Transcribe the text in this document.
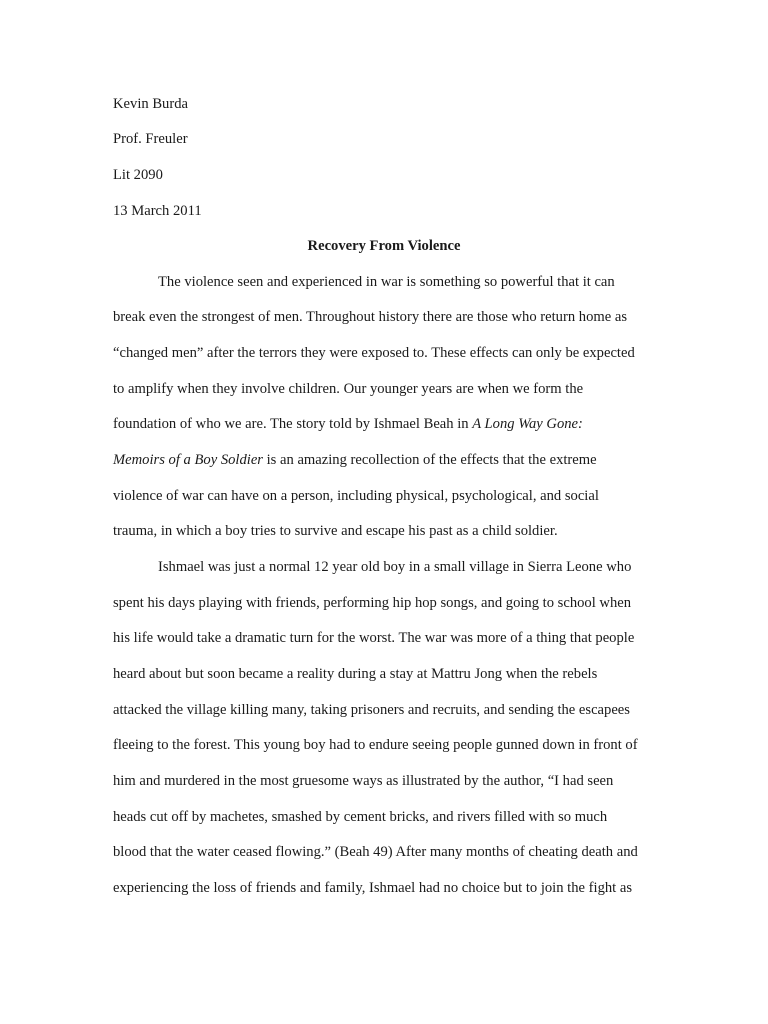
Kevin Burda
Prof. Freuler
Lit 2090
13 March 2011
Recovery From Violence
The violence seen and experienced in war is something so powerful that it can
break even the strongest of men. Throughout history there are those who return home as
“changed men” after the terrors they were exposed to. These effects can only be expected
to amplify when they involve children. Our younger years are when we form the
foundation of who we are. The story told by Ishmael Beah in A Long Way Gone:
Memoirs of a Boy Soldier is an amazing recollection of the effects that the extreme
violence of war can have on a person, including physical, psychological, and social
trauma, in which a boy tries to survive and escape his past as a child soldier.
Ishmael was just a normal 12 year old boy in a small village in Sierra Leone who
spent his days playing with friends, performing hip hop songs, and going to school when
his life would take a dramatic turn for the worst. The war was more of a thing that people
heard about but soon became a reality during a stay at Mattru Jong when the rebels
attacked the village killing many, taking prisoners and recruits, and sending the escapees
fleeing to the forest. This young boy had to endure seeing people gunned down in front of
him and murdered in the most gruesome ways as illustrated by the author, “I had seen
heads cut off by machetes, smashed by cement bricks, and rivers filled with so much
blood that the water ceased flowing.” (Beah 49) After many months of cheating death and
experiencing the loss of friends and family, Ishmael had no choice but to join the fight as
